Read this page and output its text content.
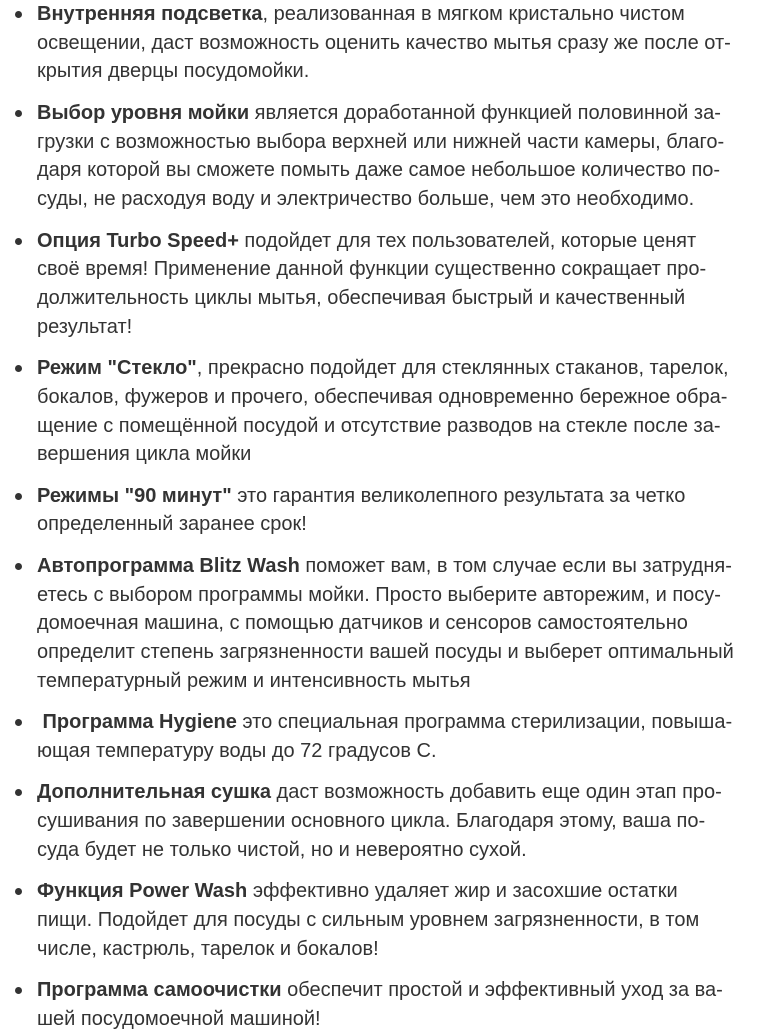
Внутренняя подсветка, реализованная в мягком кристально чистом
освещении, даст возможность оценить качество мытья сразу же после от-
крытия дверцы посудомойки.
Выбор уровня мойки является доработанной функцией половинной за-
грузки с возможностью выбора верхней или нижней части камеры, благо-
даря которой вы сможете помыть даже самое небольшое количество по-
суды, не расходуя воду и электричество больше, чем это необходимо.
Опция Turbo Speed+ подойдет для тех пользователей, которые ценят
своё время! Применение данной функции существенно сокращает про-
должительность циклы мытья, обеспечивая быстрый и качественный
результат!
Режим "Стекло", прекрасно подойдет для стеклянных стаканов, тарелок,
бокалов, фужеров и прочего, обеспечивая одновременно бережное обра-
щение с помещённой посудой и отсутствие разводов на стекле после за-
вершения цикла мойки
Режимы "90 минут" это гарантия великолепного результата за четко
определенный заранее срок!
Автопрограмма Blitz Wash поможет вам, в том случае если вы затрудня-
етесь с выбором программы мойки. Просто выберите авторежим, и посу-
домоечная машина, с помощью датчиков и сенсоров самостоятельно
определит степень загрязненности вашей посуды и выберет оптимальный
температурный режим и интенсивность мытья
Программа Hygiene это специальная программа стерилизации, повыша-
ющая температуру воды до 72 градусов С.
Дополнительная сушка даст возможность добавить еще один этап про-
сушивания по завершении основного цикла. Благодаря этому, ваша по-
суда будет не только чистой, но и невероятно сухой.
Функция Power Wash эффективно удаляет жир и засохшие остатки
пищи. Подойдет для посуды с сильным уровнем загрязненности, в том
числе, кастрюль, тарелок и бокалов!
Программа самоочистки обеспечит простой и эффективный уход за ва-
шей посудомоечной машиной!
